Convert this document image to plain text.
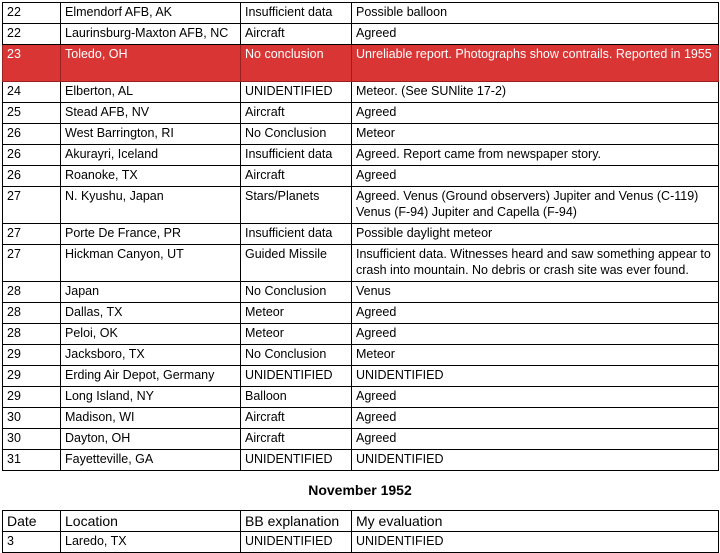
22	Elmendorf AFB, AK	Insufficient data	Possible balloon
22	Laurinsburg-Maxton AFB, NC	Aircraft	Agreed
23	Toledo, OH	No conclusion	Unreliable report. Photographs show contrails. Reported in 1955
24	Elberton, AL	UNIDENTIFIED	Meteor. (See SUNlite 17-2)
25	Stead AFB, NV	Aircraft	Agreed
26	West Barrington, RI	No Conclusion	Meteor
26	Akurayri, Iceland	Insufficient data	Agreed. Report came from newspaper story.
26	Roanoke, TX	Aircraft	Agreed
27	N. Kyushu, Japan	Stars/Planets	Agreed. Venus (Ground observers) Jupiter and Venus (C-119) Venus (F-94) Jupiter and Capella (F-94)
27	Porte De France, PR	Insufficient data	Possible daylight meteor
27	Hickman Canyon, UT	Guided Missile	Insufficient data. Witnesses heard and saw something appear to crash into mountain. No debris or crash site was ever found.
28	Japan	No Conclusion	Venus
28	Dallas, TX	Meteor	Agreed
28	Peloi, OK	Meteor	Agreed
29	Jacksboro, TX	No Conclusion	Meteor
29	Erding Air Depot, Germany	UNIDENTIFIED	UNIDENTIFIED
29	Long Island, NY	Balloon	Agreed
30	Madison, WI	Aircraft	Agreed
30	Dayton, OH	Aircraft	Agreed
31	Fayetteville, GA	UNIDENTIFIED	UNIDENTIFIED
November 1952
Date	Location	BB explanation	My evaluation
3	Laredo, TX	UNIDENTIFIED	UNIDENTIFIED
